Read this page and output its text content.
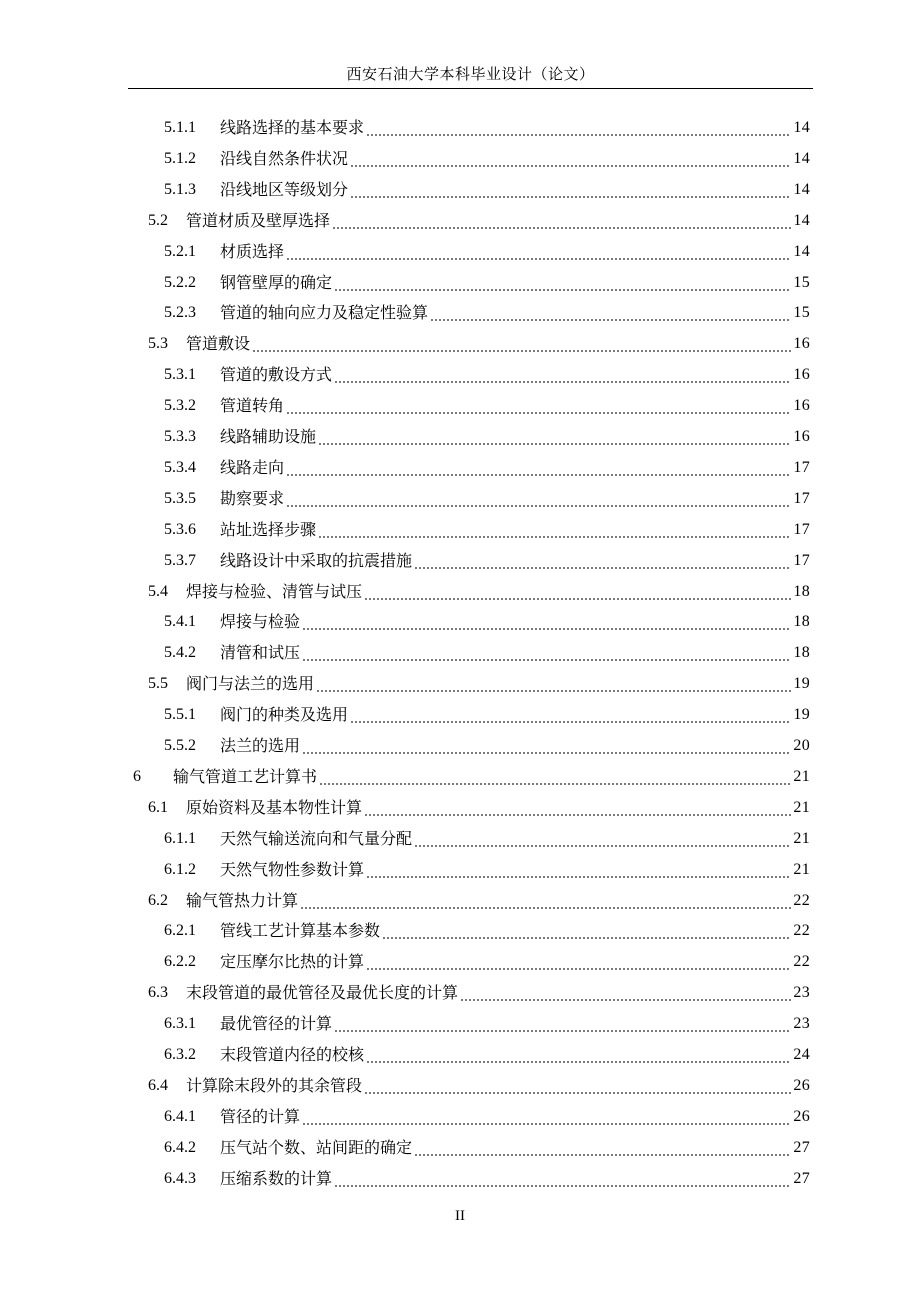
西安石油大学本科毕业设计（论文）
5.1.1	线路选择的基本要求	14
5.1.2	沿线自然条件状况	14
5.1.3	沿线地区等级划分	14
5.2	管道材质及壁厚选择	14
5.2.1	材质选择	14
5.2.2	钢管壁厚的确定	15
5.2.3	管道的轴向应力及稳定性验算	15
5.3	管道敷设	16
5.3.1	管道的敷设方式	16
5.3.2	管道转角	16
5.3.3	线路辅助设施	16
5.3.4	线路走向	17
5.3.5	勘察要求	17
5.3.6	站址选择步骤	17
5.3.7	线路设计中采取的抗震措施	17
5.4	焊接与检验、清管与试压	18
5.4.1	焊接与检验	18
5.4.2	清管和试压	18
5.5	阀门与法兰的选用	19
5.5.1	阀门的种类及选用	19
5.5.2	法兰的选用	20
6	输气管道工艺计算书	21
6.1	原始资料及基本物性计算	21
6.1.1	天然气输送流向和气量分配	21
6.1.2	天然气物性参数计算	21
6.2	输气管热力计算	22
6.2.1	管线工艺计算基本参数	22
6.2.2	定压摩尔比热的计算	22
6.3	末段管道的最优管径及最优长度的计算	23
6.3.1	最优管径的计算	23
6.3.2	末段管道内径的校核	24
6.4	计算除末段外的其余管段	26
6.4.1	管径的计算	26
6.4.2	压气站个数、站间距的确定	27
6.4.3	压缩系数的计算	27
II
